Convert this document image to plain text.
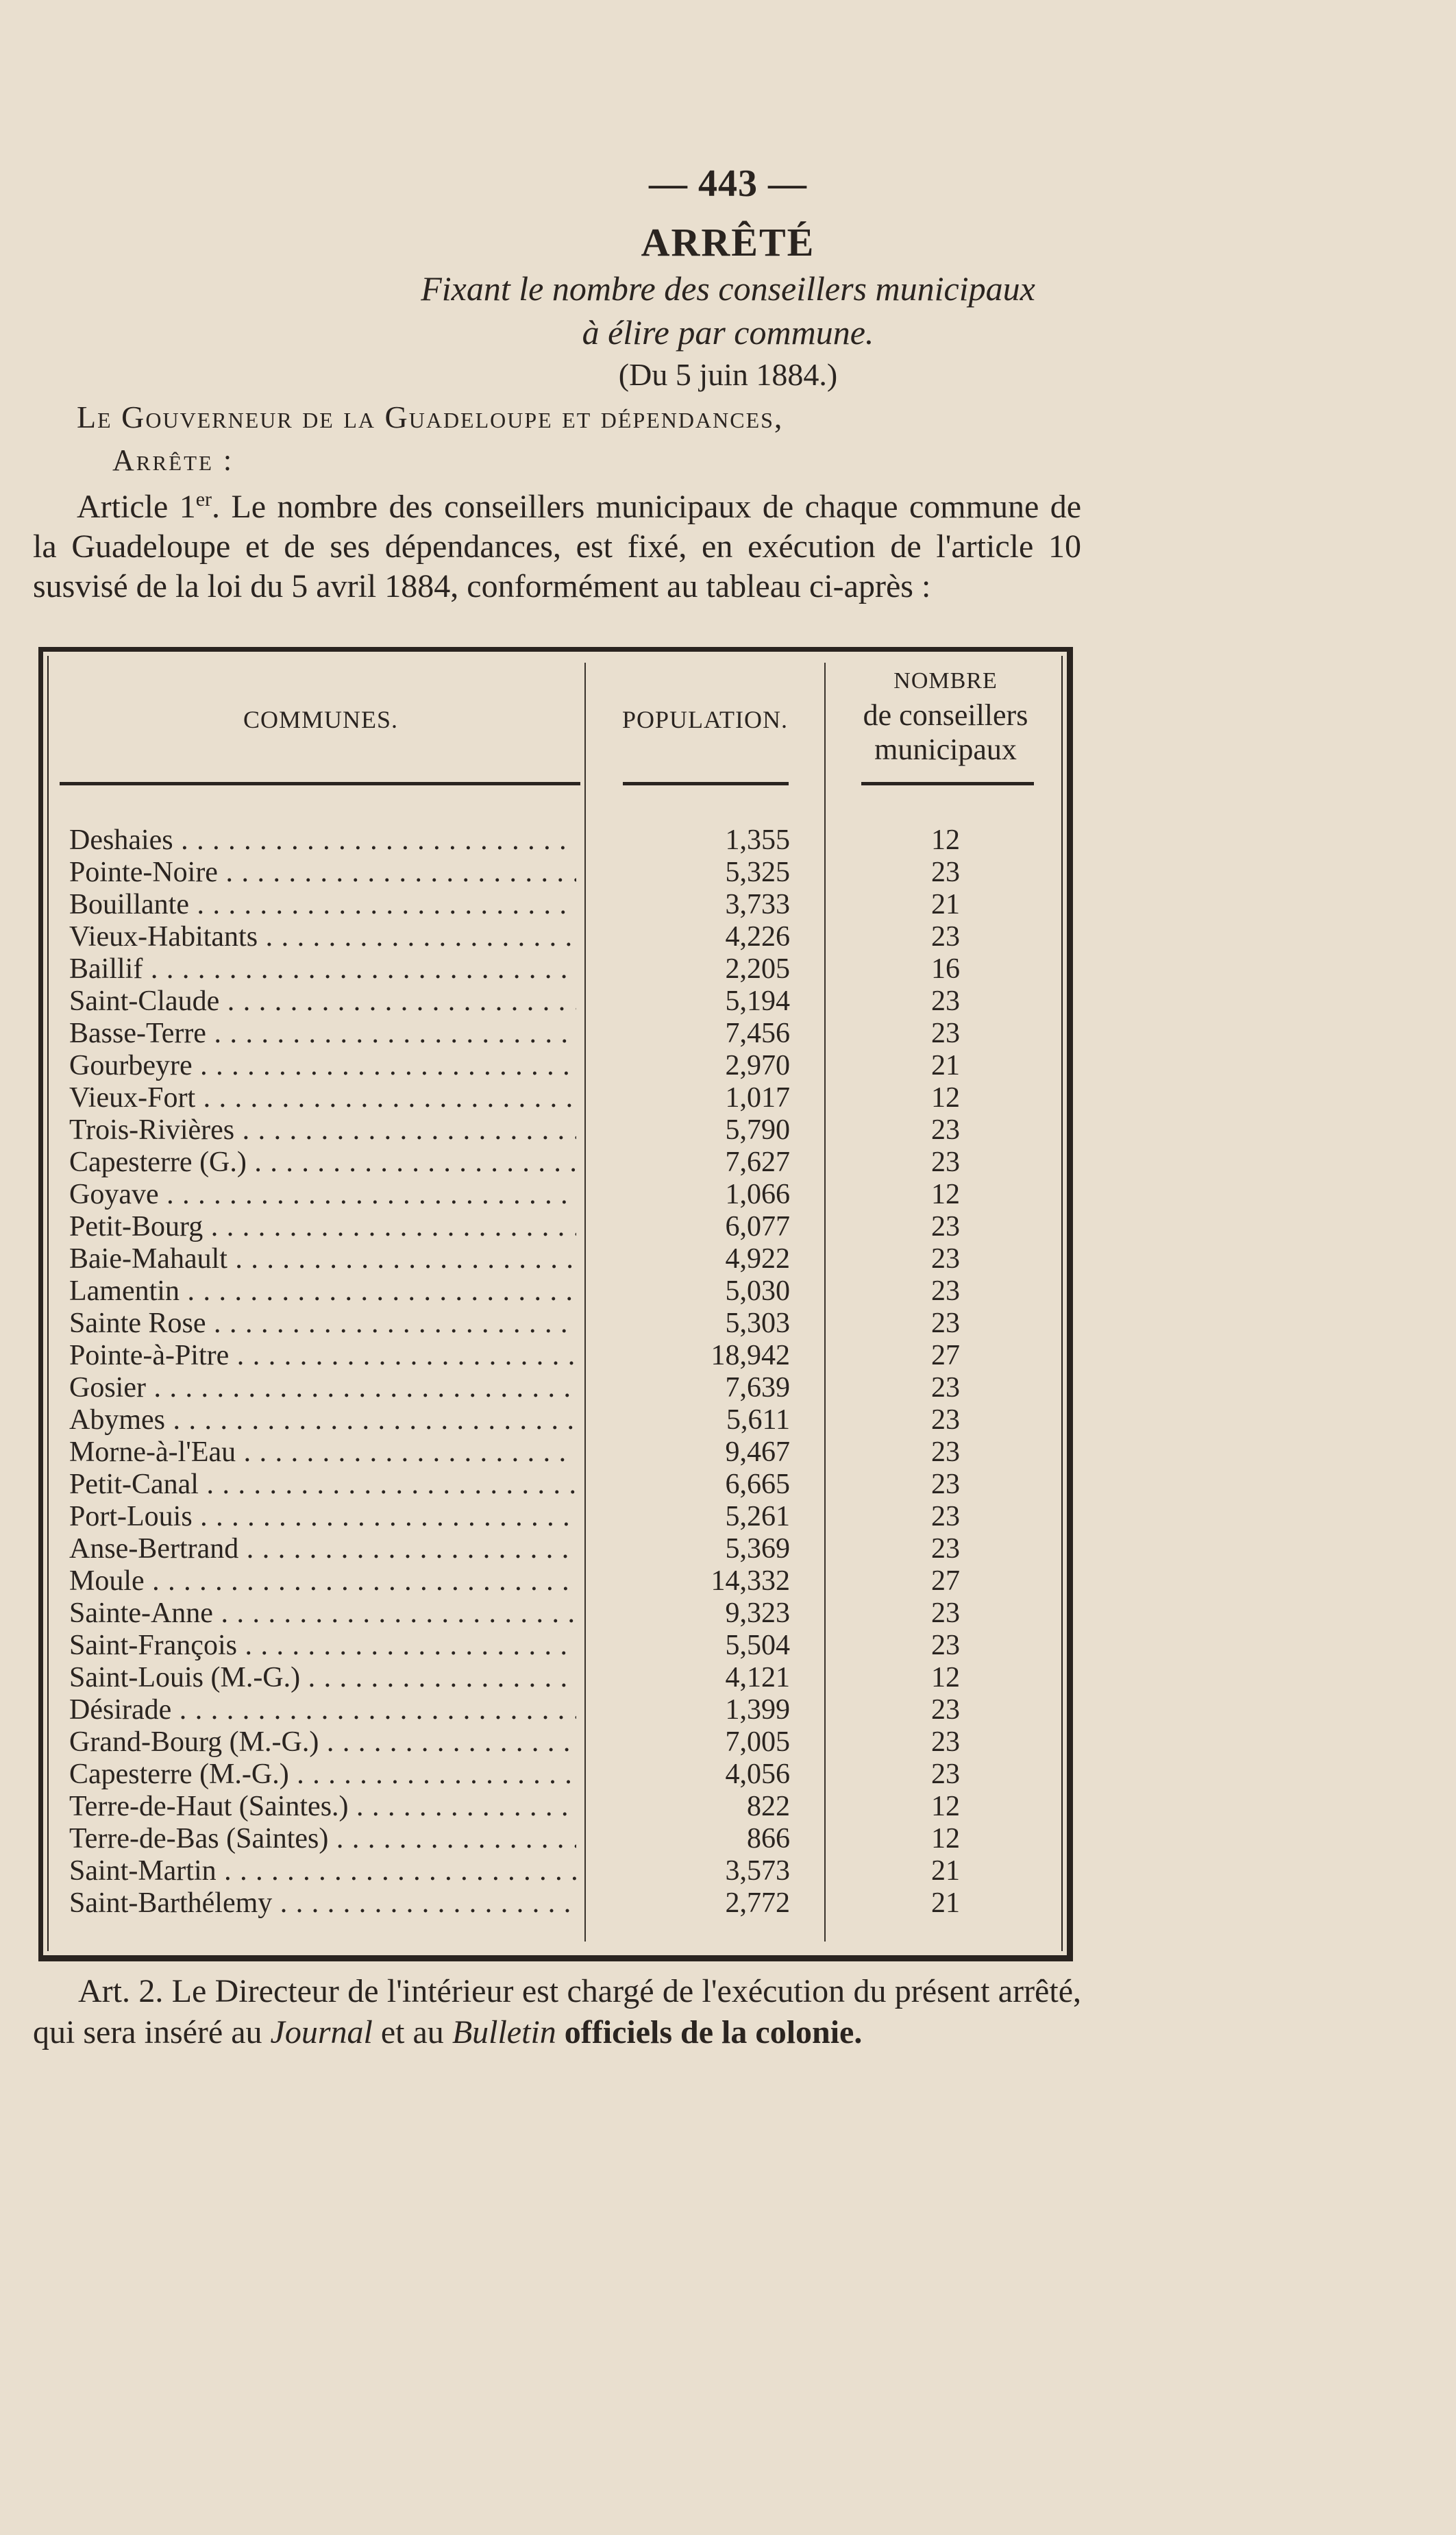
— 443 —
ARRÊTÉ
Fixant le nombre des conseillers municipaux
à élire par commune.
(Du 5 juin 1884.)
Le Gouverneur de la Guadeloupe et dépendances,
Arrête :
Article 1er. Le nombre des conseillers municipaux de chaque commune de la Guadeloupe et de ses dépendances, est fixé, en exécution de l'article 10 susvisé de la loi du 5 avril 1884, conformément au tableau ci-après :
COMMUNES.	POPULATION.
NOMBRE
de conseillers
municipaux
Deshaies . . .	1,355	12
Pointe-Noire . . .	5,325	23
Bouillante . . .	3,733	21
Vieux-Habitants . . .	4,226	23
Baillif . . .	2,205	16
Saint-Claude . . .	5,194	23
Basse-Terre . . .	7,456	23
Gourbeyre . . .	2,970	21
Vieux-Fort . . .	1,017	12
Trois-Rivières . . .	5,790	23
Capesterre (G.) . . .	7,627	23
Goyave . . .	1,066	12
Petit-Bourg . . .	6,077	23
Baie-Mahault . . .	4,922	23
Lamentin . . .	5,030	23
Sainte Rose . . .	5,303	23
Pointe-à-Pitre . . .	18,942	27
Gosier . . .	7,639	23
Abymes . . .	5,611	23
Morne-à-l'Eau . . .	9,467	23
Petit-Canal . . .	6,665	23
Port-Louis . . .	5,261	23
Anse-Bertrand . . .	5,369	23
Moule . . .	14,332	27
Sainte-Anne . . .	9,323	23
Saint-François . . .	5,504	23
Saint-Louis (M.-G.) . . .	4,121	12
Désirade . . .	1,399	23
Grand-Bourg (M.-G.) . . .	7,005	23
Capesterre (M.-G.) . . .	4,056	23
Terre-de-Haut (Saintes.) . . .	822	12
Terre-de-Bas (Saintes) . . .	866	12
Saint-Martin . . .	3,573	21
Saint-Barthélemy . . .	2,772	21
Art. 2. Le Directeur de l'intérieur est chargé de l'exécution du présent arrêté, qui sera inséré au Journal et au Bulletin officiels de la colonie.
